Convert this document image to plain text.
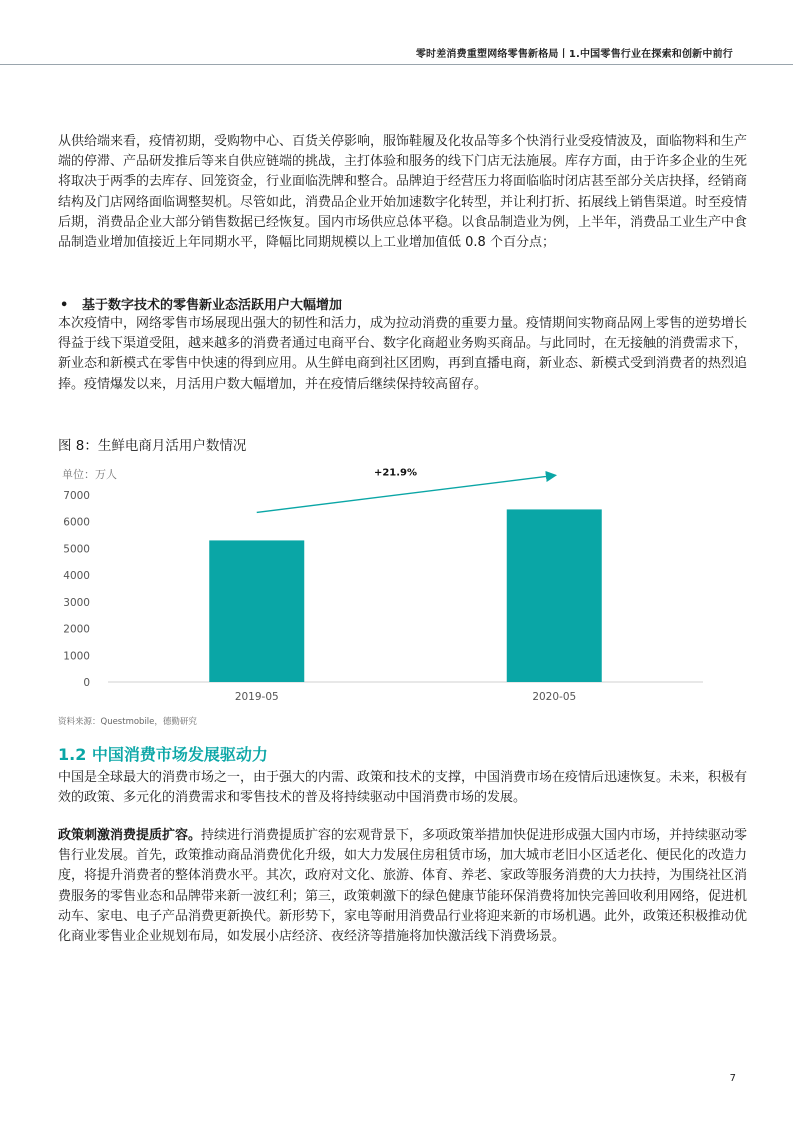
零时差消费重塑网络零售新格局丨1.中国零售行业在探索和创新中前行

从供给端来看，疫情初期，受购物中心、百货关停影响，服饰鞋履及化妆品等多个快消行业受疫情波及，面临物料和生产端的停滞、产品研发推后等来自供应链端的挑战，主打体验和服务的线下门店无法施展。库存方面，由于许多企业的生死将取决于两季的去库存、回笼资金，行业面临洗牌和整合。品牌迫于经营压力将面临临时闭店甚至部分关店抉择，经销商结构及门店网络面临调整契机。尽管如此，消费品企业开始加速数字化转型，并让利打折、拓展线上销售渠道。时至疫情后期，消费品企业大部分销售数据已经恢复。国内市场供应总体平稳。以食品制造业为例，上半年，消费品工业生产中食品制造业增加值接近上年同期水平，降幅比同期规模以上工业增加值低 0.8 个百分点；

• 基于数字技术的零售新业态活跃用户大幅增加

本次疫情中，网络零售市场展现出强大的韧性和活力，成为拉动消费的重要力量。疫情期间实物商品网上零售的逆势增长得益于线下渠道受阻，越来越多的消费者通过电商平台、数字化商超业务购买商品。与此同时，在无接触的消费需求下，新业态和新模式在零售中快速的得到应用。从生鲜电商到社区团购，再到直播电商，新业态、新模式受到消费者的热烈追捧。疫情爆发以来，月活用户数大幅增加，并在疫情后继续保持较高留存。

图 8：生鲜电商月活用户数情况
单位：万人
0
1000
2000
3000
4000
5000
6000
7000
2019-05	2020-05
+21.9%
资料来源：Questmobile，德勤研究
1.2 中国消费市场发展驱动力

中国是全球最大的消费市场之一，由于强大的内需、政策和技术的支撑，中国消费市场在疫情后迅速恢复。未来，积极有效的政策、多元化的消费需求和零售技术的普及将持续驱动中国消费市场的发展。

政策刺激消费提质扩容。持续进行消费提质扩容的宏观背景下，多项政策举措加快促进形成强大国内市场，并持续驱动零售行业发展。首先，政策推动商品消费优化升级，如大力发展住房租赁市场，加大城市老旧小区适老化、便民化的改造力度，将提升消费者的整体消费水平。其次，政府对文化、旅游、体育、养老、家政等服务消费的大力扶持，为围绕社区消费服务的零售业态和品牌带来新一波红利；第三，政策刺激下的绿色健康节能环保消费将加快完善回收利用网络，促进机动车、家电、电子产品消费更新换代。新形势下，家电等耐用消费品行业将迎来新的市场机遇。此外，政策还积极推动优化商业零售业企业规划布局，如发展小店经济、夜经济等措施将加快激活线下消费场景。

7
